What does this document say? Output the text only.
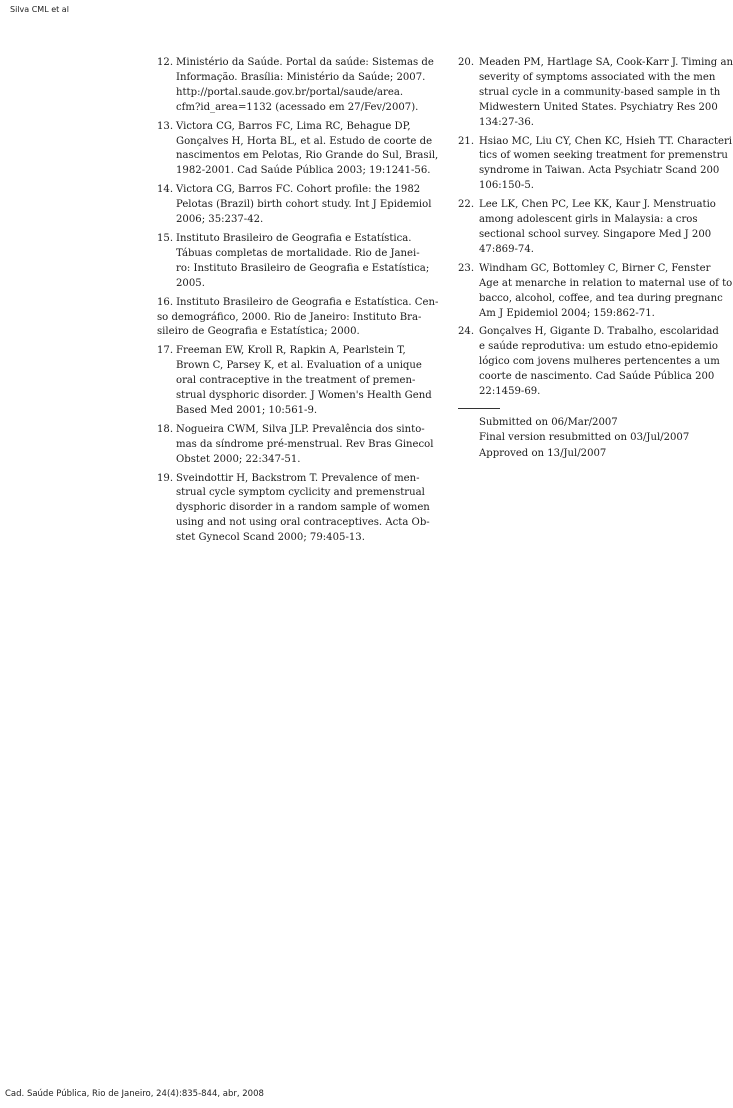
Silva CML et al
12. Ministério da Saúde. Portal da saúde: Sistemas de
Informação. Brasília: Ministério da Saúde; 2007.
http://portal.saude.gov.br/portal/saude/area.
cfm?id_area=1132 (acessado em 27/Fev/2007).
13. Victora CG, Barros FC, Lima RC, Behague DP,
Gonçalves H, Horta BL, et al. Estudo de coorte de
nascimentos em Pelotas, Rio Grande do Sul, Brasil,
1982-2001. Cad Saúde Pública 2003; 19:1241-56.
14. Victora CG, Barros FC. Cohort profile: the 1982
Pelotas (Brazil) birth cohort study. Int J Epidemiol
2006; 35:237-42.
15. Instituto Brasileiro de Geografia e Estatística.
Tábuas completas de mortalidade. Rio de Janei-
ro: Instituto Brasileiro de Geografia e Estatística;
2005.
16. Instituto Brasileiro de Geografia e Estatística. Cen-
so demográfico, 2000. Rio de Janeiro: Instituto Bra-
sileiro de Geografia e Estatística; 2000.
17. Freeman EW, Kroll R, Rapkin A, Pearlstein T,
Brown C, Parsey K, et al. Evaluation of a unique
oral contraceptive in the treatment of premen-
strual dysphoric disorder. J Women's Health Gend
Based Med 2001; 10:561-9.
18. Nogueira CWM, Silva JLP. Prevalência dos sinto-
mas da síndrome pré-menstrual. Rev Bras Ginecol
Obstet 2000; 22:347-51.
19. Sveindottir H, Backstrom T. Prevalence of men-
strual cycle symptom cyclicity and premenstrual
dysphoric disorder in a random sample of women
using and not using oral contraceptives. Acta Ob-
stet Gynecol Scand 2000; 79:405-13.
20. Meaden PM, Hartlage SA, Cook-Karr J. Timing an
severity of symptoms associated with the men
strual cycle in a community-based sample in th
Midwestern United States. Psychiatry Res 200
134:27-36.
21. Hsiao MC, Liu CY, Chen KC, Hsieh TT. Characteri
tics of women seeking treatment for premenstru
syndrome in Taiwan. Acta Psychiatr Scand 200
106:150-5.
22. Lee LK, Chen PC, Lee KK, Kaur J. Menstruatio
among adolescent girls in Malaysia: a cros
sectional school survey. Singapore Med J 200
47:869-74.
23. Windham GC, Bottomley C, Birner C, Fenster
Age at menarche in relation to maternal use of to
bacco, alcohol, coffee, and tea during pregnanc
Am J Epidemiol 2004; 159:862-71.
24. Gonçalves H, Gigante D. Trabalho, escolaridad
e saúde reprodutiva: um estudo etno-epidemio
lógico com jovens mulheres pertencentes a um
coorte de nascimento. Cad Saúde Pública 200
22:1459-69.
Submitted on 06/Mar/2007
Final version resubmitted on 03/Jul/2007
Approved on 13/Jul/2007
Cad. Saúde Pública, Rio de Janeiro, 24(4):835-844, abr, 2008
